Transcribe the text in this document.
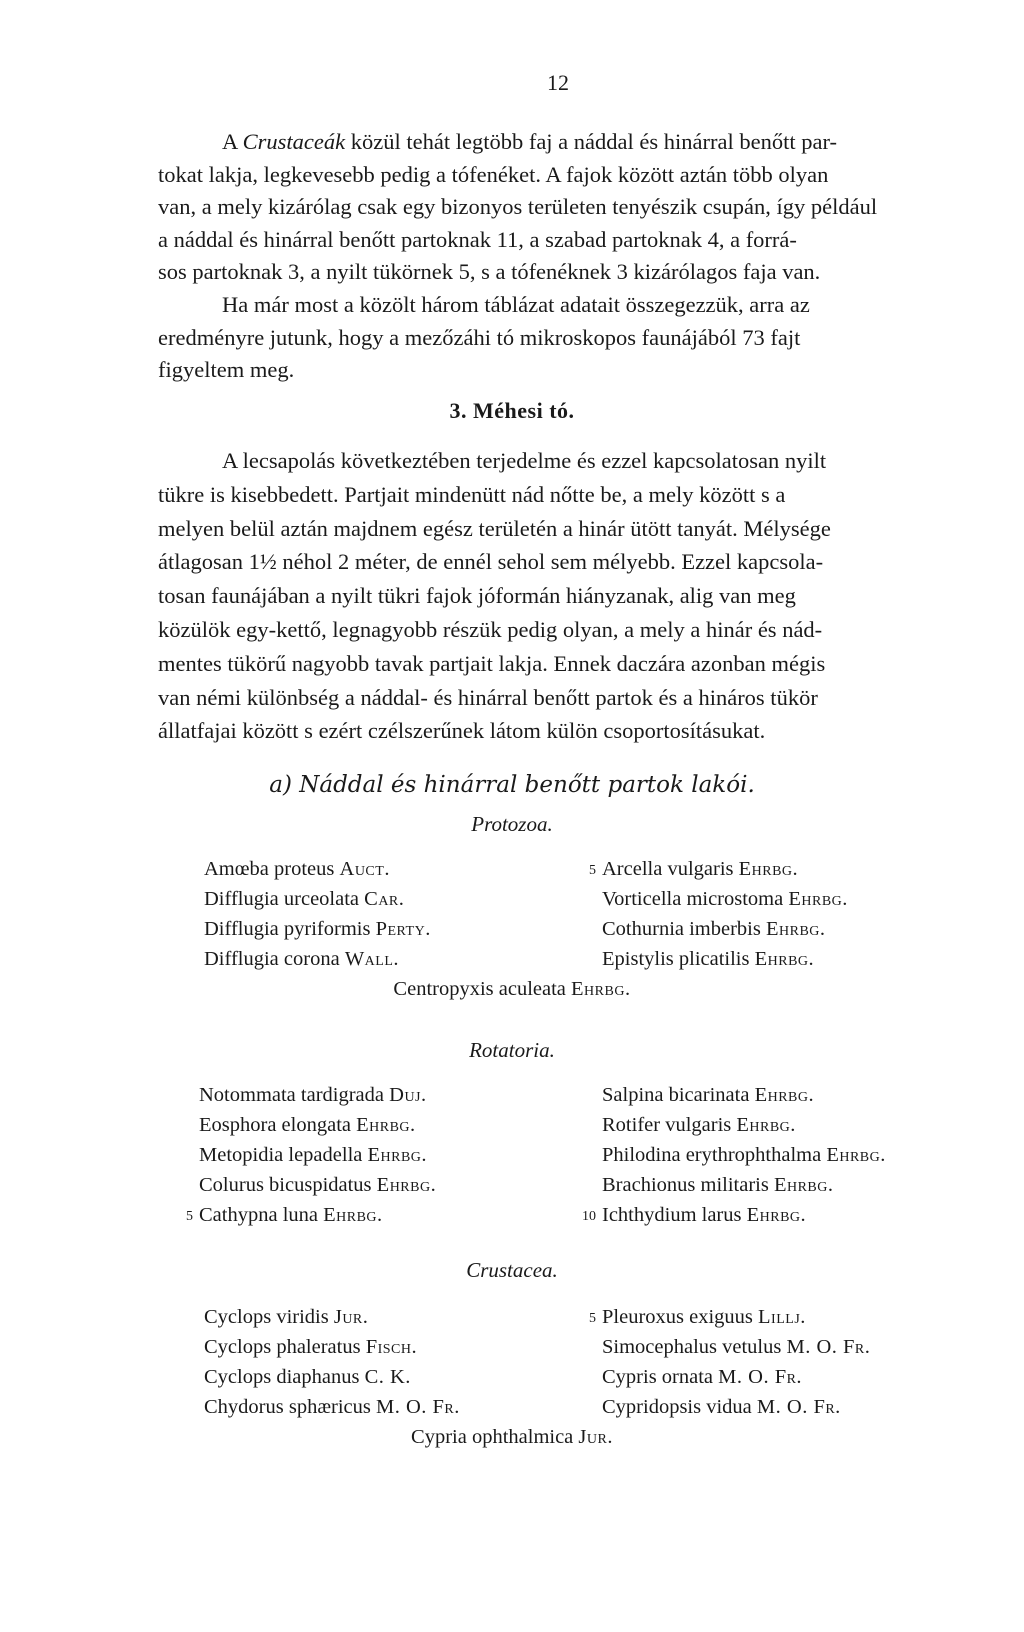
12

A Crustaceák közül tehát legtöbb faj a náddal és hinárral benőtt par-

tokat lakja, legkevesebb pedig a tófenéket. A fajok között aztán több olyan

van, a mely kizárólag csak egy bizonyos területen tenyészik csupán, így például

a náddal és hinárral benőtt partoknak 11, a szabad partoknak 4, a forrá-

sos partoknak 3, a nyilt tükörnek 5, s a tófenéknek 3 kizárólagos faja van.

Ha már most a közölt három táblázat adatait összegezzük, arra az

eredményre jutunk, hogy a mezőzáhi tó mikroskopos faunájából 73 fajt

figyeltem meg.

3. Méhesi tó.

A lecsapolás következtében terjedelme és ezzel kapcsolatosan nyilt

tükre is kisebbedett. Partjait mindenütt nád nőtte be, a mely között s a

melyen belül aztán majdnem egész területén a hinár ütött tanyát. Mélysége

átlagosan 1½ néhol 2 méter, de ennél sehol sem mélyebb. Ezzel kapcsola-

tosan faunájában a nyilt tükri fajok jóformán hiányzanak, alig van meg

közülök egy-kettő, legnagyobb részük pedig olyan, a mely a hinár és nád-

mentes tükörű nagyobb tavak partjait lakja. Ennek daczára azonban mégis

van némi különbség a náddal- és hinárral benőtt partok és a hináros tükör

állatfajai között s ezért czélszerűnek látom külön csoportosításukat.

a) Náddal és hinárral benőtt partok lakói.
Protozoa.
Amœba proteus Auct.
Difflugia urceolata Car.
Difflugia pyriformis Perty.
Difflugia corona Wall.
5 Arcella vulgaris Ehrbg.
Vorticella microstoma Ehrbg.
Cothurnia imberbis Ehrbg.
Epistylis plicatilis Ehrbg.
Centropyxis aculeata Ehrbg.
Rotatoria.
Notommata tardigrada Duj.
Eosphora elongata Ehrbg.
Metopidia lepadella Ehrbg.
Colurus bicuspidatus Ehrbg.
5 Cathypna luna Ehrbg.
Salpina bicarinata Ehrbg.
Rotifer vulgaris Ehrbg.
Philodina erythrophthalma Ehrbg.
Brachionus militaris Ehrbg.
10 Ichthydium larus Ehrbg.
Crustacea.
Cyclops viridis Jur.
Cyclops phaleratus Fisch.
Cyclops diaphanus C. K.
Chydorus sphæricus M. O. Fr.
5 Pleuroxus exiguus Lillj.
Simocephalus vetulus M. O. Fr.
Cypris ornata M. O. Fr.
Cypridopsis vidua M. O. Fr.
Cypria ophthalmica Jur.
